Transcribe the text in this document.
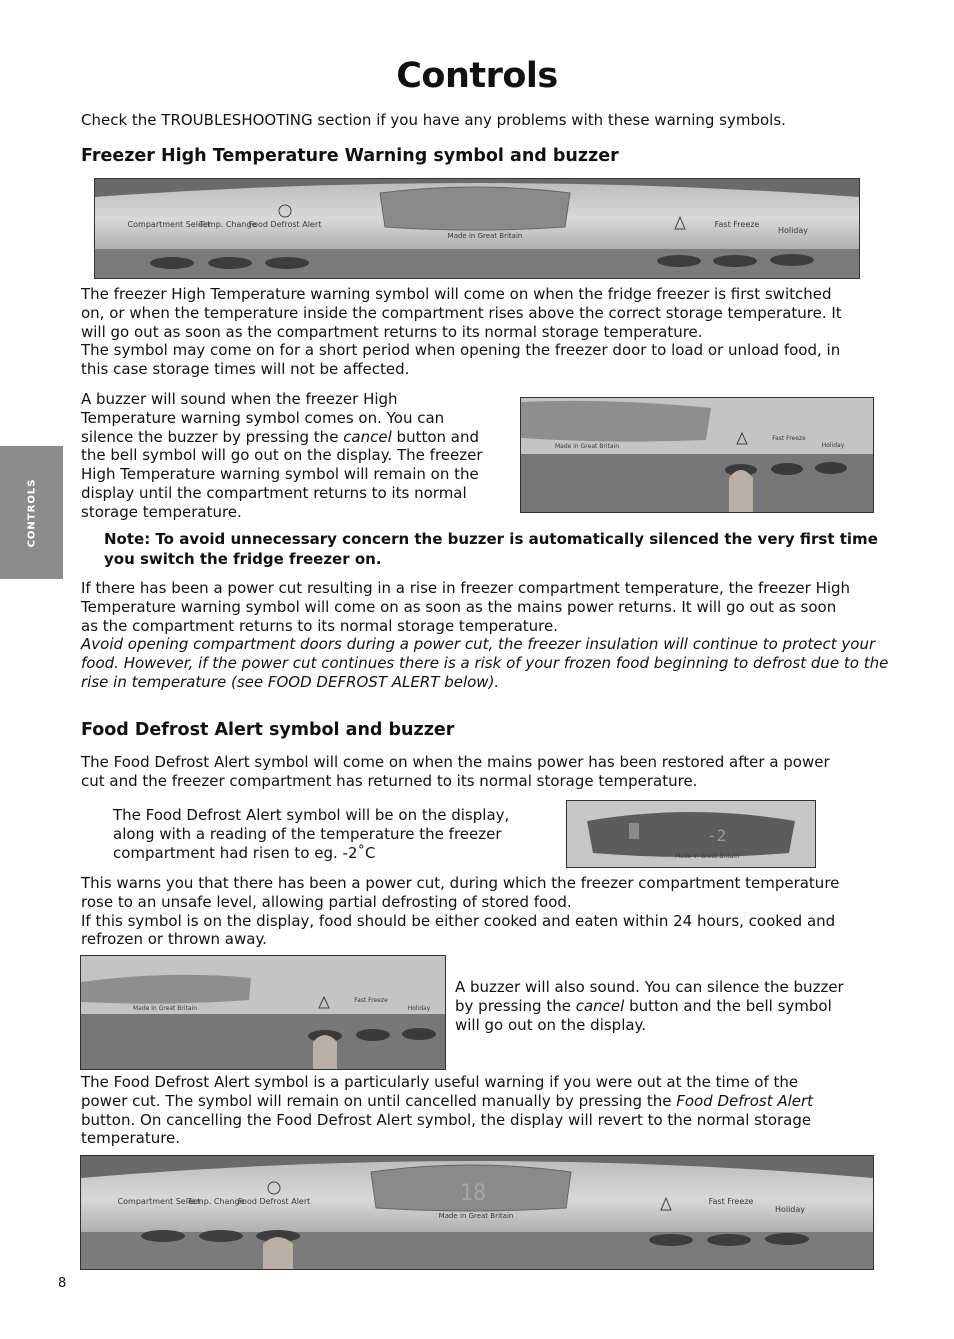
Controls
Check the TROUBLESHOOTING section if you have any problems with these warning symbols.
CONTROLS
Freezer High Temperature Warning symbol and buzzer
Compartment Select
Temp. Change
Food Defrost Alert
Made in Great Britain
Fast Freeze
Holiday
The freezer High Temperature warning symbol will come on when the fridge freezer is first switched
on, or when the temperature inside the compartment rises above the correct storage temperature. It
will go out as soon as the compartment returns to its normal storage temperature.
The symbol may come on for a short period when opening the freezer door to load or unload food, in
this case storage times will not be affected.
A buzzer will sound when the freezer High
Temperature warning symbol comes on. You can
silence the buzzer by pressing the cancel button and
the bell symbol will go out on the display. The freezer
High Temperature warning symbol will remain on the
display until the compartment returns to its normal
storage temperature.
Made in Great Britain
Fast Freeze
Holiday
Note: To avoid unnecessary concern the buzzer is automatically silenced the very first time
you switch the fridge freezer on.
If there has been a power cut resulting in a rise in freezer compartment temperature, the freezer High
Temperature warning symbol will come on as soon as the mains power returns. It will go out as soon
as the compartment returns to its normal storage temperature.
Avoid opening compartment doors during a power cut, the freezer insulation will continue to protect your
food. However, if the power cut continues there is a risk of your frozen food beginning to defrost due to the
rise in temperature (see FOOD DEFROST ALERT below).
Food Defrost Alert symbol and buzzer
The Food Defrost Alert symbol will come on when the mains power has been restored after a power
cut and the freezer compartment has returned to its normal storage temperature.
The Food Defrost Alert symbol will be on the display,
along with a reading of the temperature the freezer
compartment had risen to eg. -2˚C
-2
Made in Great Britain
This warns you that there has been a power cut, during which the freezer compartment temperature
rose to an unsafe level, allowing partial defrosting of stored food.
If this symbol is on the display, food should be either cooked and eaten within 24 hours, cooked and
refrozen or thrown away.
Made in Great Britain
Fast Freeze
Holiday
A buzzer will also sound. You can silence the buzzer
by pressing the cancel button and the bell symbol
will go out on the display.
The Food Defrost Alert symbol is a particularly useful warning if you were out at the time of the
power cut. The symbol will remain on until cancelled manually by pressing the Food Defrost Alert
button. On cancelling the Food Defrost Alert symbol, the display will revert to the normal storage
temperature.
18
Compartment Select
Temp. Change
Food Defrost Alert
Made in Great Britain
Fast Freeze
Holiday
8
